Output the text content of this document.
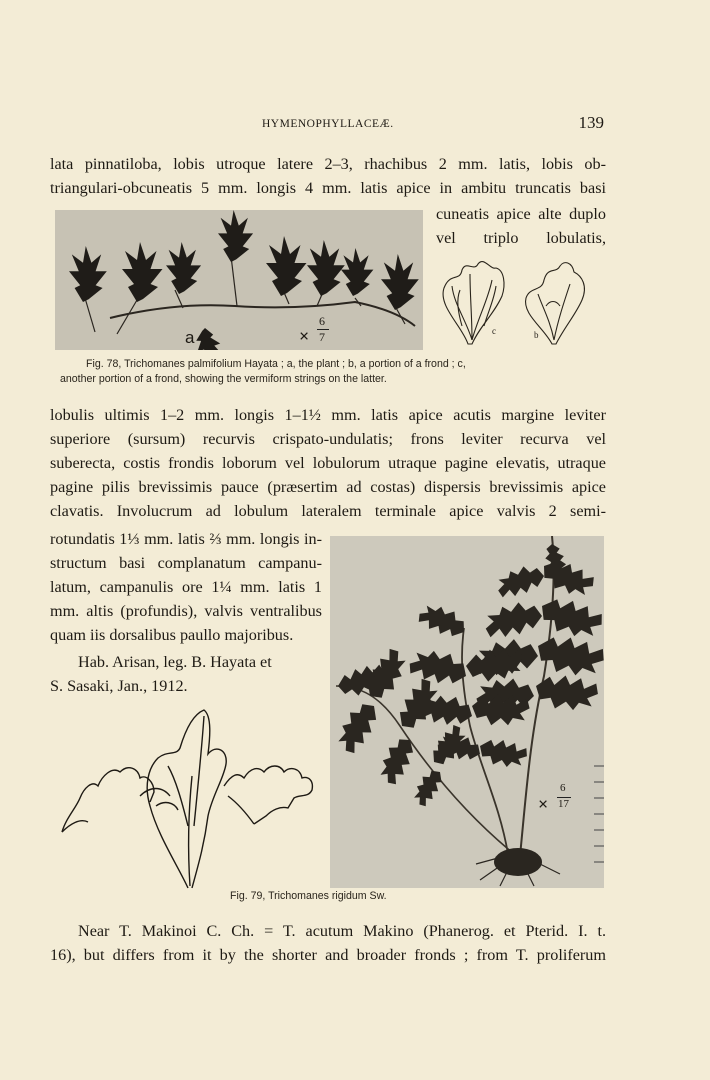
HYMENOPHYLLACEÆ.	139
lata pinnatiloba, lobis utroque latere 2–3, rhachibus 2 mm. latis, lobis ob-
triangulari-obcuneatis 5 mm. longis 4 mm. latis apice in ambitu truncatis basi
cuneatis apice alte duplo
vel triplo lobulatis,
a	×
6
7	c	b
Fig. 78, Trichomanes palmifolium Hayata ; a, the plant ; b, a portion of a frond ; c,
another portion of a frond, showing the vermiform strings on the latter.
lobulis ultimis 1–2 mm. longis 1–1½ mm. latis apice acutis margine leviter
superiore (sursum) recurvis crispato-undulatis; frons leviter recurva vel
suberecta, costis frondis loborum vel lobulorum utraque pagine elevatis, utraque
pagine pilis brevissimis pauce (præsertim ad costas) dispersis brevissimis apice
clavatis. Involucrum ad lobulum lateralem terminale apice valvis 2 semi-
rotundatis 1⅓ mm. latis ⅔ mm. longis in-
structum basi complanatum campanu-
latum, campanulis ore 1¼ mm. latis 1
mm. altis (profundis), valvis ventralibus
quam iis dorsalibus paullo majoribus.
Hab. Arisan, leg. B. Hayata et
S. Sasaki, Jan., 1912.
×
6
17
Fig. 79, Trichomanes rigidum Sw.
Near T. Makinoi C. Ch. = T. acutum Makino (Phanerog. et Pterid. I. t.
16), but differs from it by the shorter and broader fronds ; from T. proliferum
